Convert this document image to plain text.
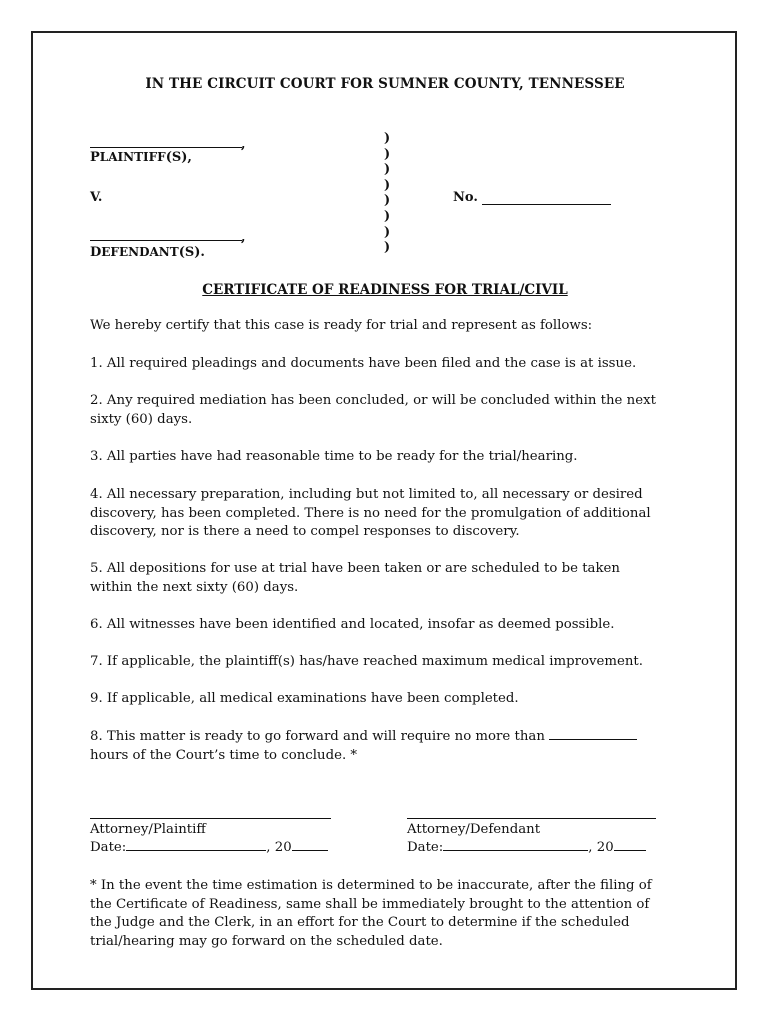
IN THE CIRCUIT COURT FOR SUMNER COUNTY, TENNESSEE
,
PLAINTIFF(S),
V.
,
DEFENDANT(S).
)
)
)
)
)
)
)
)
No.
CERTIFICATE OF READINESS FOR TRIAL/CIVIL
We hereby certify that this case is ready for trial and represent as follows:
1. All required pleadings and documents have been filed and the case is at issue.
2. Any required mediation has been concluded, or will be concluded within the next sixty (60) days.
3. All parties have had reasonable time to be ready for the trial/hearing.
4. All necessary preparation, including but not limited to, all necessary or desired discovery, has been completed. There is no need for the promulgation of additional discovery, nor is there a need to compel responses to discovery.
5. All depositions for use at trial have been taken or are scheduled to be taken within the next sixty (60) days.
6. All witnesses have been identified and located, insofar as deemed possible.
7. If applicable, the plaintiff(s) has/have reached maximum medical improvement.
9. If applicable, all medical examinations have been completed.
8. This matter is ready to go forward and will require no more than
hours of the Court’s time to conclude. *
Attorney/Plaintiff	Attorney/Defendant
Date:	, 20	Date:	, 20
* In the event the time estimation is determined to be inaccurate, after the filing of the Certificate of Readiness, same shall be immediately brought to the attention of the Judge and the Clerk, in an effort for the Court to determine if the scheduled trial/hearing may go forward on the scheduled date.
